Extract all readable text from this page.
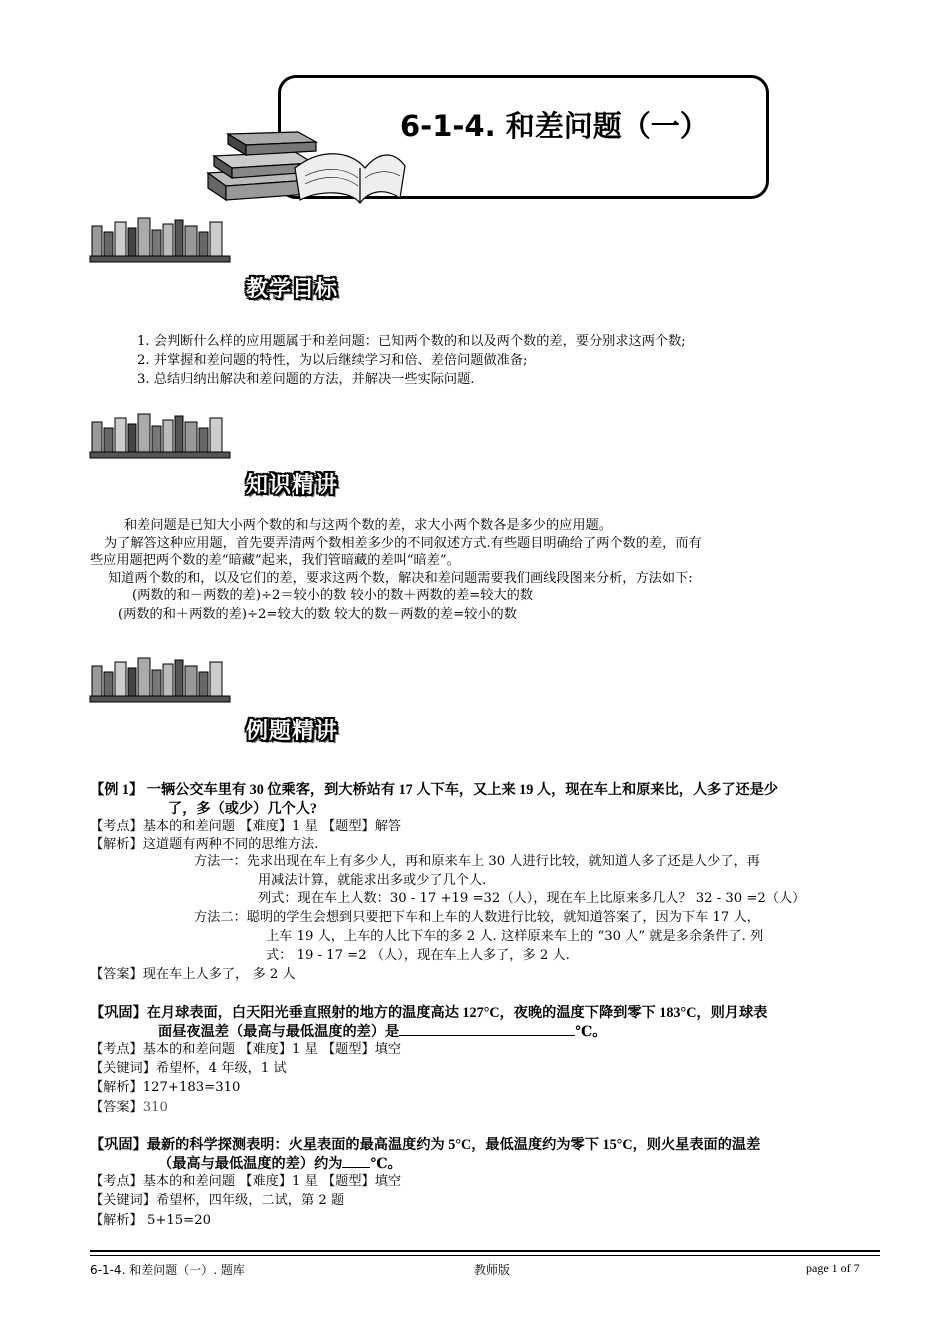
6-1-4. 和差问题（一）
教学目标
1. 会判断什么样的应用题属于和差问题：已知两个数的和以及两个数的差，要分别求这两个数;
2. 并掌握和差问题的特性，为以后继续学习和倍、差倍问题做准备;
3. 总结归纳出解决和差问题的方法，并解决一些实际问题.
知识精讲
和差问题是已知大小两个数的和与这两个数的差，求大小两个数各是多少的应用题。
为了解答这种应用题，首先要弄清两个数相差多少的不同叙述方式.有些题目明确给了两个数的差，而有
些应用题把两个数的差“暗藏”起来，我们管暗藏的差叫“暗差”。
知道两个数的和，以及它们的差，要求这两个数，解决和差问题需要我们画线段图来分析，方法如下:
(两数的和－两数的差)÷2＝较小的数 较小的数＋两数的差=较大的数
(两数的和＋两数的差)÷2=较大的数 较大的数－两数的差=较小的数
例题精讲
【例 1】 一辆公交车里有 30 位乘客，到大桥站有 17 人下车，又上来 19 人，现在车上和原来比，人多了还是少
了，多（或少）几个人?
【考点】基本的和差问题 【难度】1 星 【题型】解答
【解析】这道题有两种不同的思维方法.
方法一：先求出现在车上有多少人，再和原来车上 30 人进行比较，就知道人多了还是人少了，再
用减法计算，就能求出多或少了几个人.
列式：现在车上人数：30 - 17 +19 =32（人），现在车上比原来多几人？ 32 - 30 =2（人）
方法二：聪明的学生会想到只要把下车和上车的人数进行比较，就知道答案了，因为下车 17 人，
上车 19 人，上车的人比下车的多 2 人. 这样原来车上的 “30 人” 就是多余条件了. 列
式： 19 - 17 =2 （人），现在车上人多了，多 2 人.
【答案】现在车上人多了， 多 2 人
【巩固】在月球表面，白天阳光垂直照射的地方的温度高达 127°C，夜晚的温度下降到零下 183°C，则月球表
面昼夜温差（最高与最低温度的差）是	℃。
【考点】基本的和差问题 【难度】1 星 【题型】填空
【关键词】希望杯，4 年级，1 试
【解析】127+183=310
【答案】310
【巩固】最新的科学探测表明：火星表面的最高温度约为 5°C，最低温度约为零下 15°C，则火星表面的温差
（最高与最低温度的差）约为 ℃。
【考点】基本的和差问题 【难度】1 星 【题型】填空
【关键词】希望杯，四年级，二试，第 2 题
【解析】 5+15=20
6-1-4. 和差问题（一）. 题库	教师版	page 1 of 7
